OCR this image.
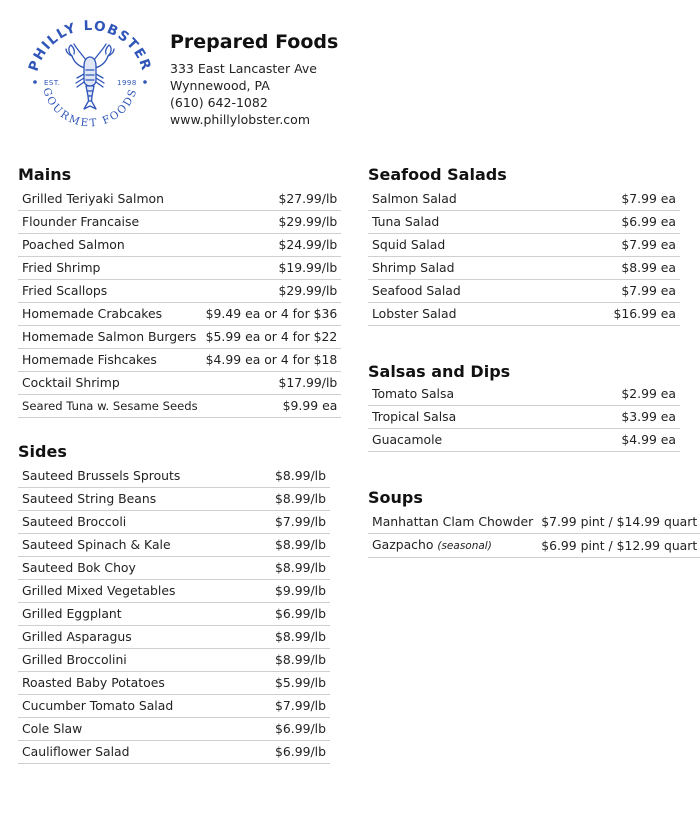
PHILLY LOBSTER
GOURMET FOODS
EST.	1998
Prepared Foods
333 East Lancaster Ave
Wynnewood, PA
(610) 642-1082
www.phillylobster.com
Mains
Grilled Teriyaki Salmon	$27.99/lb
Flounder Francaise	$29.99/lb
Poached Salmon	$24.99/lb
Fried Shrimp	$19.99/lb
Fried Scallops	$29.99/lb
Homemade Crabcakes	$9.49 ea or 4 for $36
Homemade Salmon Burgers	$5.99 ea or 4 for $22
Homemade Fishcakes	$4.99 ea or 4 for $18
Cocktail Shrimp	$17.99/lb
Seared Tuna w. Sesame Seeds	$9.99 ea
Sides
Sauteed Brussels Sprouts	$8.99/lb
Sauteed String Beans	$8.99/lb
Sauteed Broccoli	$7.99/lb
Sauteed Spinach & Kale	$8.99/lb
Sauteed Bok Choy	$8.99/lb
Grilled Mixed Vegetables	$9.99/lb
Grilled Eggplant	$6.99/lb
Grilled Asparagus	$8.99/lb
Grilled Broccolini	$8.99/lb
Roasted Baby Potatoes	$5.99/lb
Cucumber Tomato Salad	$7.99/lb
Cole Slaw	$6.99/lb
Cauliflower Salad	$6.99/lb
Seafood Salads
Salmon Salad	$7.99 ea
Tuna Salad	$6.99 ea
Squid Salad	$7.99 ea
Shrimp Salad	$8.99 ea
Seafood Salad	$7.99 ea
Lobster Salad	$16.99 ea
Salsas and Dips
Tomato Salsa	$2.99 ea
Tropical Salsa	$3.99 ea
Guacamole	$4.99 ea
Soups
Manhattan Clam Chowder	$7.99 pint / $14.99 quart
Gazpacho (seasonal)	$6.99 pint / $12.99 quart
